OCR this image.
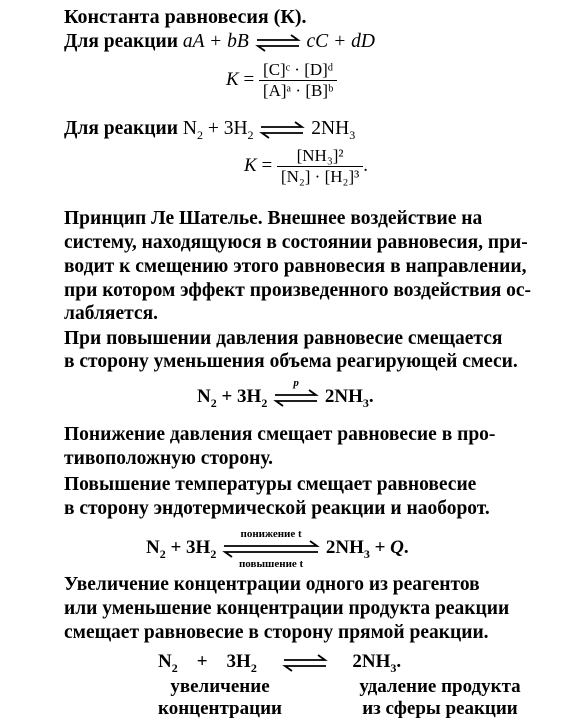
Константа равновесия (К).
Для реакции aA + bB ⇌ cC + dD
$K = \frac{\text{[C]ᶜ · [D]ᵈ}}{\text{[A]ᵃ · [B]ᵇ}}$
Для реакции $N_2 + 3H_2$ ⇌ $2NH_3$
$K = \frac{\text{[NH₃]²}}{\text{[N₂] · [H₂]³}}$ .
Принцип Ле Шателье. Внешнее воздействие на
систему, находящуюся в состоянии равновесия, при-
водит к смещению этого равновесия в направлении,
при котором эффект произведенного воздействия ос-
лабляется.
При повышении давления равновесие смещается
в сторону уменьшения объема реагирующей смеси.
$N_2 + 3H_2$
p
$2NH_3$.
Понижение давления смещает равновесие в про-
тивоположную сторону.
Повышение температуры смещает равновесие
в сторону эндотермической реакции и наоборот.
$N_2 + 3H_2$
понижение t
повышение t
$2NH_3 + Q$.
Увеличение концентрации одного из реагентов
или уменьшение концентрации продукта реакции
смещает равновесие в сторону прямой реакции.
$N_2$    +    $3H_2$ ⇌ $2NH_3$.
увеличение
концентрации
удаление продукта
из сферы реакции
